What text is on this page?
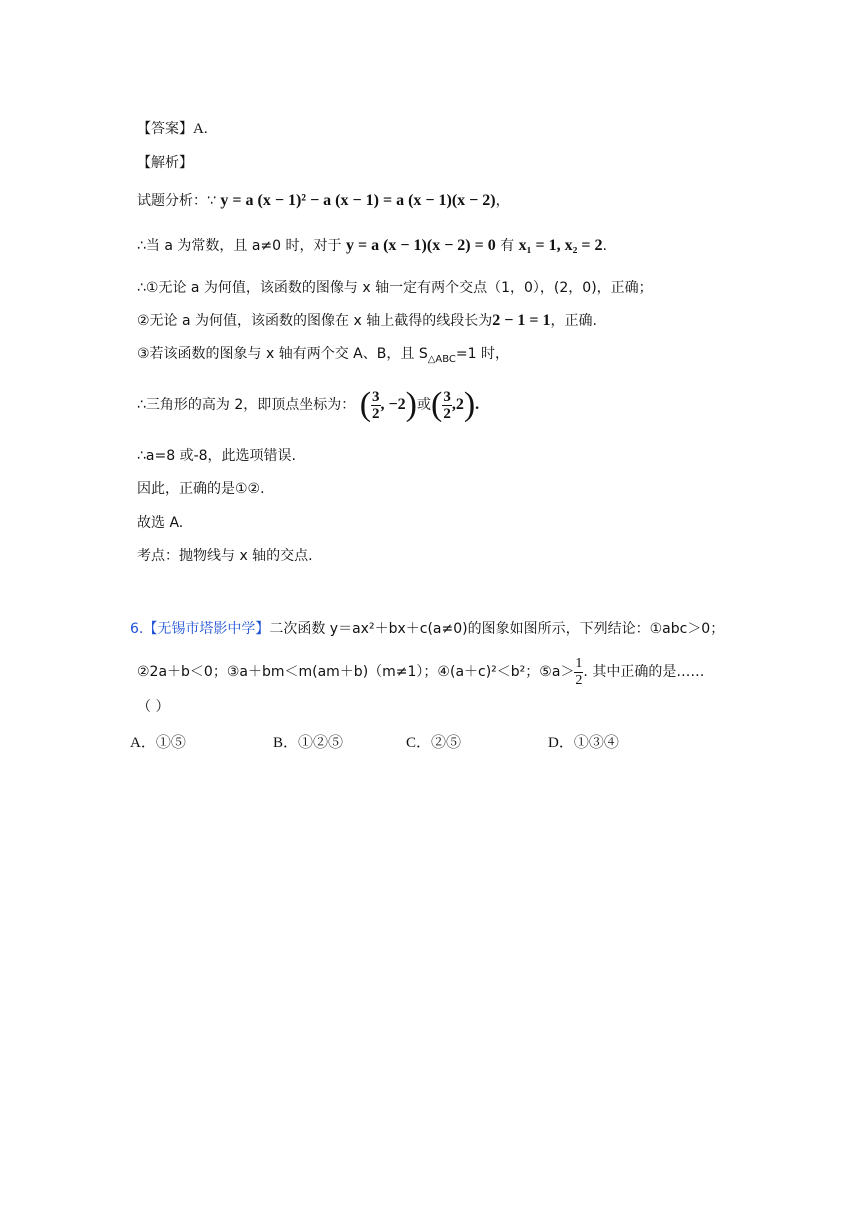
【答案】A.
【解析】
试题分析：∵ y = a (x − 1)² − a (x − 1) = a (x − 1)(x − 2)，
∴当 a 为常数，且 a≠0 时，对于 y = a (x − 1)(x − 2) = 0 有 x₁ = 1, x₂ = 2.
∴①无论 a 为何值，该函数的图像与 x 轴一定有两个交点（1，0），(2，0)，正确；
②无论 a 为何值，该函数的图像在 x 轴上截得的线段长为2 − 1 = 1，正确.
③若该函数的图象与 x 轴有两个交 A、B，且 $S_{\triangle ABC}=1$ 时，
∴三角形的高为 2，即顶点坐标为： ( $\frac{3}{2}$ , −2)或( $\frac{3}{2} ,2$).
∴a=8 或-8，此选项错误.
因此，正确的是①②.
故选 A.
考点：抛物线与 x 轴的交点.
6.【无锡市塔影中学】二次函数 y＝ax²＋bx＋c(a≠0)的图象如图所示，下列结论：①abc＞0；
②2a＋b＜0；③a＋bm＜m(am＋b)（m≠1）；④(a＋c)²＜b²；⑤a＞ $\frac{1}{2}$ . 其中正确的是……
（ ）
A．①⑤	B．①②⑤	C．②⑤	D．①③④
